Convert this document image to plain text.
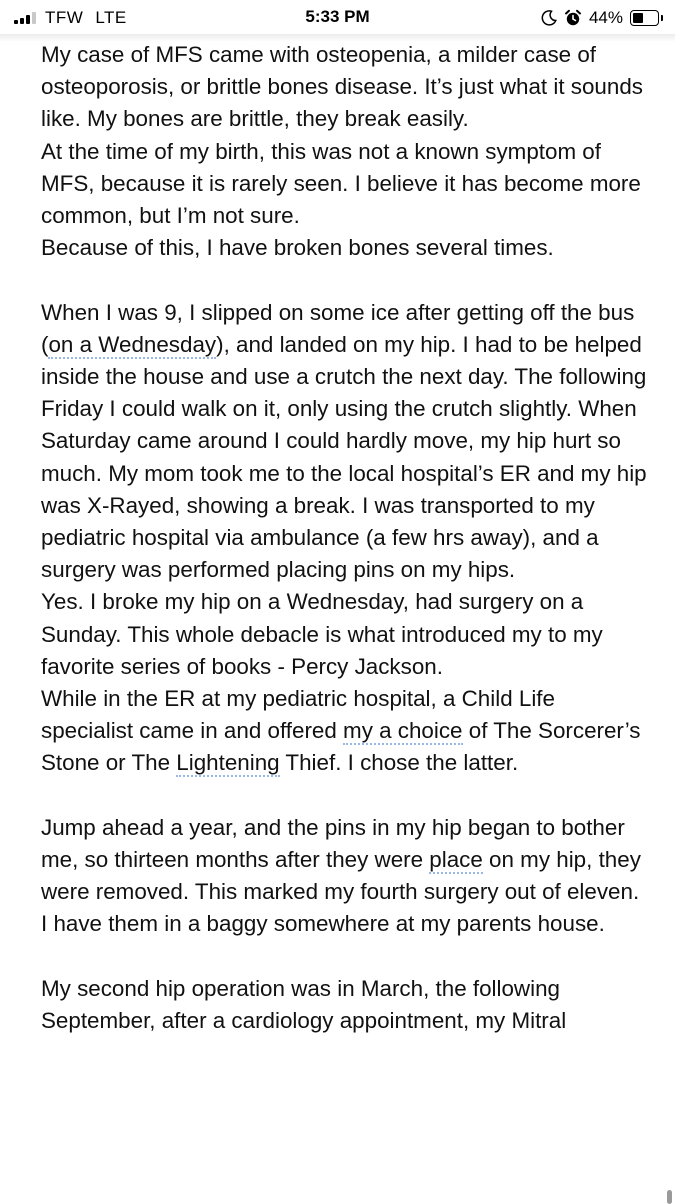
TFW LTE	5:33 PM	44%

My case of MFS came with osteopenia, a milder case of osteoporosis, or brittle bones disease. It’s just what it sounds like. My bones are brittle, they break easily.

At the time of my birth, this was not a known symptom of MFS, because it is rarely seen. I believe it has become more common, but I’m not sure.

Because of this, I have broken bones several times.

When I was 9, I slipped on some ice after getting off the bus (on a Wednesday), and landed on my hip. I had to be helped inside the house and use a crutch the next day. The following Friday I could walk on it, only using the crutch slightly. When Saturday came around I could hardly move, my hip hurt so much. My mom took me to the local hospital’s ER and my hip was X-Rayed, showing a break. I was transported to my pediatric hospital via ambulance (a few hrs away), and a surgery was performed placing pins on my hips.

Yes. I broke my hip on a Wednesday, had surgery on a Sunday. This whole debacle is what introduced my to my favorite series of books - Percy Jackson.

While in the ER at my pediatric hospital, a Child Life specialist came in and offered my a choice of The Sorcerer’s Stone or The Lightening Thief. I chose the latter.

Jump ahead a year, and the pins in my hip began to bother me, so thirteen months after they were place on my hip, they were removed. This marked my fourth surgery out of eleven.

I have them in a baggy somewhere at my parents house.

My second hip operation was in March, the following September, after a cardiology appointment, my Mitral
